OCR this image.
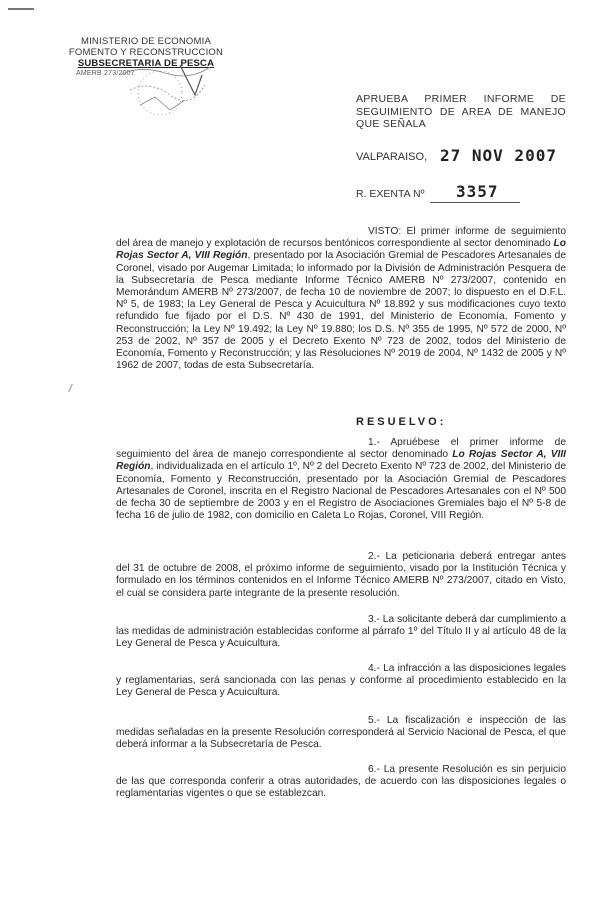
MINISTERIO DE ECONOMIA
FOMENTO Y RECONSTRUCCION
SUBSECRETARIA DE PESCA
AMERB 273/2007
APRUEBA PRIMER INFORME DE
SEGUIMIENTO DE AREA DE MANEJO
QUE SEÑALA
VALPARAISO, 27 NOV 2007
R. EXENTA Nº 3357
VISTO: El primer informe de seguimiento del área de manejo y explotación de recursos bentónicos correspondiente al sector denominado Lo Rojas Sector A, VIII Región, presentado por la Asociación Gremial de Pescadores Artesanales de Coronel, visado por Augemar Limitada; lo informado por la División de Administración Pesquera de la Subsecretaría de Pesca mediante Informe Técnico AMERB Nº 273/2007, contenido en Memorándum AMERB Nº 273/2007, de fecha 10 de noviembre de 2007; lo dispuesto en el D.F.L. Nº 5, de 1983; la Ley General de Pesca y Acuicultura Nº 18.892 y sus modificaciones cuyo texto refundido fue fijado por el D.S. Nº 430 de 1991, del Ministerio de Economía, Fomento y Reconstrucción; la Ley Nº 19.492; la Ley Nº 19.880; los D.S. Nº 355 de 1995, Nº 572 de 2000, Nº 253 de 2002, Nº 357 de 2005 y el Decreto Exento Nº 723 de 2002, todos del Ministerio de Economía, Fomento y Reconstrucción; y las Resoluciones Nº 2019 de 2004, Nº 1432 de 2005 y Nº 1962 de 2007, todas de esta Subsecretaría.
RESUELVO:
1.- Apruébese el primer informe de seguimiento del área de manejo correspondiente al sector denominado Lo Rojas Sector A, VIII Región, individualizada en el artículo 1º, Nº 2 del Decreto Exento Nº 723 de 2002, del Ministerio de Economía, Fomento y Reconstrucción, presentado por la Asociación Gremial de Pescadores Artesanales de Coronel, inscrita en el Registro Nacional de Pescadores Artesanales con el Nº 500 de fecha 30 de septiembre de 2003 y en el Registro de Asociaciones Gremiales bajo el Nº 5-8 de fecha 16 de julio de 1982, con domicilio en Caleta Lo Rojas, Coronel, VIII Región.
2.- La peticionaria deberá entregar antes del 31 de octubre de 2008, el próximo informe de seguimiento, visado por la Institución Técnica y formulado en los términos contenidos en el Informe Técnico AMERB Nº 273/2007, citado en Visto, el cual se considera parte integrante de la presente resolución.
3.- La solicitante deberá dar cumplimiento a las medidas de administración establecidas conforme al párrafo 1º del Título II y al artículo 48 de la Ley General de Pesca y Acuicultura.
4.- La infracción a las disposiciones legales y reglamentarias, será sancionada con las penas y conforme al procedimiento establecido en la Ley General de Pesca y Acuicultura.
5.- La fiscalización e inspección de las medidas señaladas en la presente Resolución corresponderá al Servicio Nacional de Pesca, el que deberá informar a la Subsecretaría de Pesca.
6.- La presente Resolución es sin perjuicio de las que corresponda conferir a otras autoridades, de acuerdo con las disposiciones legales o reglamentarias vigentes o que se establezcan.
